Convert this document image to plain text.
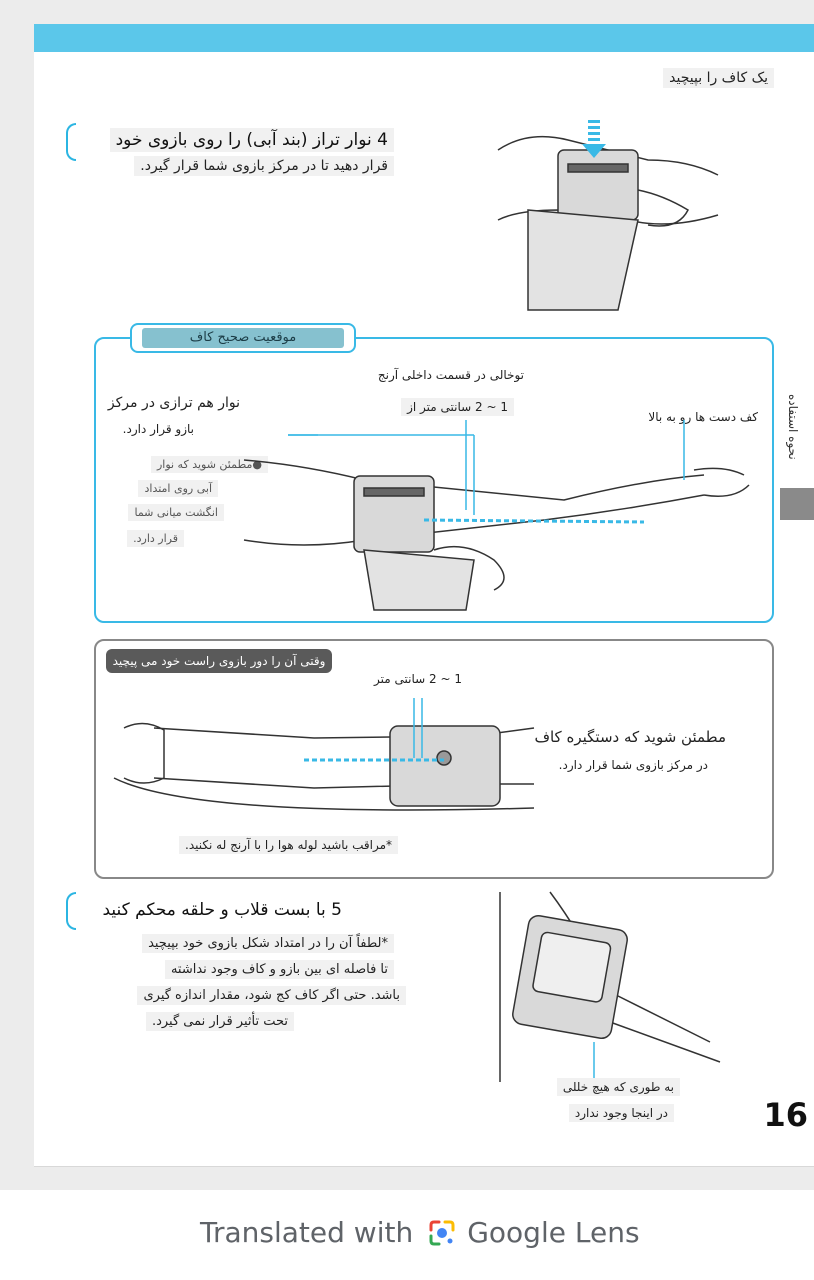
یک کاف را بپیچید
4 نوار تراز (بند آبی) را روی بازوی خود
قرار دهید تا در مرکز بازوی شما قرار گیرد.
موقعیت صحیح کاف
توخالی در قسمت داخلی آرنج
1 ~ 2 سانتی متر از
کف دست ها رو به بالا
نوار هم ترازی در مرکز
بازو قرار دارد.
●مطمئن شوید که نوار
آبی روی امتداد
انگشت میانی شما
قرار دارد.
وقتی آن را دور بازوی راست خود می پیچید ...	1 ~ 2 سانتی متر
مطمئن شوید که دستگیره کاف
در مرکز بازوی شما قرار دارد.
*مراقب باشید لوله هوا را با آرنج له نکنید.
5 با بست قلاب و حلقه محکم کنید
*لطفاً آن را در امتداد شکل بازوی خود بپیچید
تا فاصله ای بین بازو و کاف وجود نداشته
باشد. حتی اگر کاف کج شود، مقدار اندازه گیری
تحت تأثیر قرار نمی گیرد.
به طوری که هیچ خللی
در اینجا وجود ندارد
نحوه استفاده
16
Translated with Google Lens
